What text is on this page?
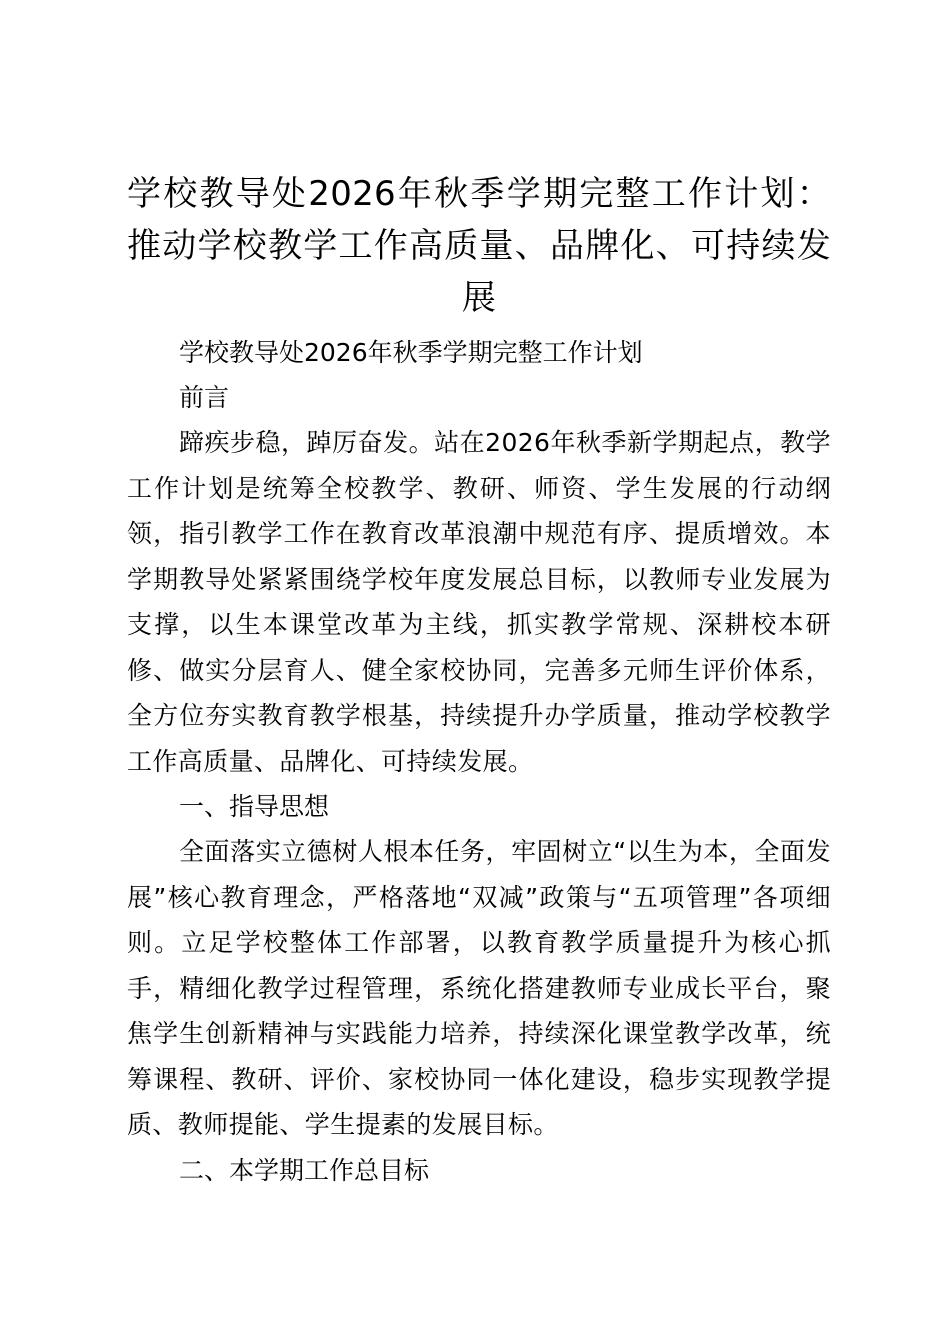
学校教导处2026年秋季学期完整工作计划：推动学校教学工作高质量、品牌化、可持续发展

学校教导处2026年秋季学期完整工作计划

前言

蹄疾步稳，踔厉奋发。站在2026年秋季新学期起点，教学工作计划是统筹全校教学、教研、师资、学生发展的行动纲领，指引教学工作在教育改革浪潮中规范有序、提质增效。本学期教导处紧紧围绕学校年度发展总目标，以教师专业发展为支撑，以生本课堂改革为主线，抓实教学常规、深耕校本研修、做实分层育人、健全家校协同，完善多元师生评价体系，全方位夯实教育教学根基，持续提升办学质量，推动学校教学工作高质量、品牌化、可持续发展。

一、指导思想

全面落实立德树人根本任务，牢固树立“以生为本，全面发展”核心教育理念，严格落地“双减”政策与“五项管理”各项细则。立足学校整体工作部署，以教育教学质量提升为核心抓手，精细化教学过程管理，系统化搭建教师专业成长平台，聚焦学生创新精神与实践能力培养，持续深化课堂教学改革，统筹课程、教研、评价、家校协同一体化建设，稳步实现教学提质、教师提能、学生提素的发展目标。

二、本学期工作总目标
